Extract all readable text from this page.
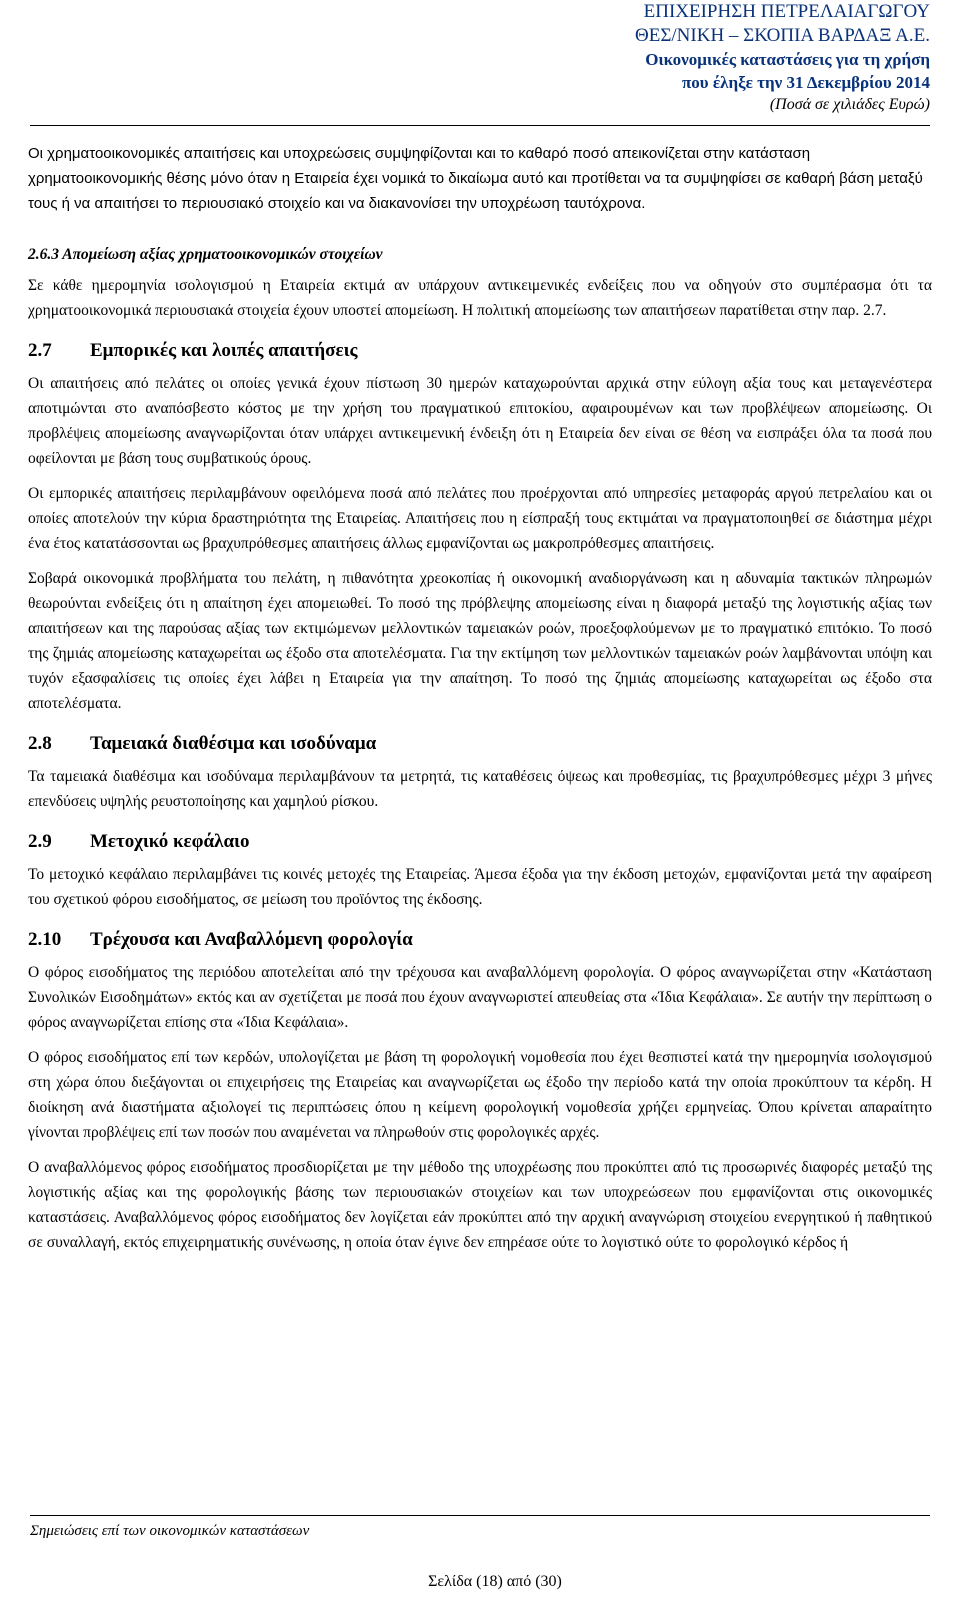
ΕΠΙΧΕΙΡΗΣΗ ΠΕΤΡΕΛΑΙΑΓΩΓΟΥ
ΘΕΣ/ΝΙΚΗ – ΣΚΟΠΙΑ ΒΑΡΔΑΞ Α.Ε.
Οικονομικές καταστάσεις για τη χρήση
που έληξε την 31 Δεκεμβρίου 2014
(Ποσά σε χιλιάδες Ευρώ)

Οι χρηματοοικονομικές απαιτήσεις και υποχρεώσεις συμψηφίζονται και το καθαρό ποσό απεικονίζεται στην κατάσταση χρηματοοικονομικής θέσης μόνο όταν η Εταιρεία έχει νομικά το δικαίωμα αυτό και προτίθεται να τα συμψηφίσει σε καθαρή βάση μεταξύ τους ή να απαιτήσει το περιουσιακό στοιχείο και να διακανονίσει την υποχρέωση ταυτόχρονα.

2.6.3 Απομείωση αξίας χρηματοοικονομικών στοιχείων

Σε κάθε ημερομηνία ισολογισμού η Εταιρεία εκτιμά αν υπάρχουν αντικειμενικές ενδείξεις που να οδηγούν στο συμπέρασμα ότι τα χρηματοοικονομικά περιουσιακά στοιχεία έχουν υποστεί απομείωση. Η πολιτική απομείωσης των απαιτήσεων παρατίθεται στην παρ. 2.7.

2.7	Εμπορικές και λοιπές απαιτήσεις

Οι απαιτήσεις από πελάτες οι οποίες γενικά έχουν πίστωση 30 ημερών καταχωρούνται αρχικά στην εύλογη αξία τους και μεταγενέστερα αποτιμώνται στο αναπόσβεστο κόστος με την χρήση του πραγματικού επιτοκίου, αφαιρουμένων και των προβλέψεων απομείωσης. Οι προβλέψεις απομείωσης αναγνωρίζονται όταν υπάρχει αντικειμενική ένδειξη ότι η Εταιρεία δεν είναι σε θέση να εισπράξει όλα τα ποσά που οφείλονται με βάση τους συμβατικούς όρους.

Οι εμπορικές απαιτήσεις περιλαμβάνουν οφειλόμενα ποσά από πελάτες που προέρχονται από υπηρεσίες μεταφοράς αργού πετρελαίου και οι οποίες αποτελούν την κύρια δραστηριότητα της Εταιρείας. Απαιτήσεις που η είσπραξή τους εκτιμάται να πραγματοποιηθεί σε διάστημα μέχρι ένα έτος κατατάσσονται ως βραχυπρόθεσμες απαιτήσεις άλλως εμφανίζονται ως μακροπρόθεσμες απαιτήσεις.

Σοβαρά οικονομικά προβλήματα του πελάτη, η πιθανότητα χρεοκοπίας ή οικονομική αναδιοργάνωση και η αδυναμία τακτικών πληρωμών θεωρούνται ενδείξεις ότι η απαίτηση έχει απομειωθεί. Το ποσό της πρόβλεψης απομείωσης είναι η διαφορά μεταξύ της λογιστικής αξίας των απαιτήσεων και της παρούσας αξίας των εκτιμώμενων μελλοντικών ταμειακών ροών, προεξοφλούμενων με το πραγματικό επιτόκιο. Το ποσό της ζημιάς απομείωσης καταχωρείται ως έξοδο στα αποτελέσματα. Για την εκτίμηση των μελλοντικών ταμειακών ροών λαμβάνονται υπόψη και τυχόν εξασφαλίσεις τις οποίες έχει λάβει η Εταιρεία για την απαίτηση. Το ποσό της ζημιάς απομείωσης καταχωρείται ως έξοδο στα αποτελέσματα.

2.8	Ταμειακά διαθέσιμα και ισοδύναμα

Τα ταμειακά διαθέσιμα και ισοδύναμα περιλαμβάνουν τα μετρητά, τις καταθέσεις όψεως και προθεσμίας, τις βραχυπρόθεσμες μέχρι 3 μήνες επενδύσεις υψηλής ρευστοποίησης και χαμηλού ρίσκου.

2.9	Μετοχικό κεφάλαιο

Το μετοχικό κεφάλαιο περιλαμβάνει τις κοινές μετοχές της Εταιρείας. Άμεσα έξοδα για την έκδοση μετοχών, εμφανίζονται μετά την αφαίρεση του σχετικού φόρου εισοδήματος, σε μείωση του προϊόντος της έκδοσης.

2.10	Τρέχουσα και Αναβαλλόμενη φορολογία

Ο φόρος εισοδήματος της περιόδου αποτελείται από την τρέχουσα και αναβαλλόμενη φορολογία. Ο φόρος αναγνωρίζεται στην «Κατάσταση Συνολικών Εισοδημάτων» εκτός και αν σχετίζεται με ποσά που έχουν αναγνωριστεί απευθείας στα «Ίδια Κεφάλαια». Σε αυτήν την περίπτωση ο φόρος αναγνωρίζεται επίσης στα «Ίδια Κεφάλαια».

Ο φόρος εισοδήματος επί των κερδών, υπολογίζεται με βάση τη φορολογική νομοθεσία που έχει θεσπιστεί κατά την ημερομηνία ισολογισμού στη χώρα όπου διεξάγονται οι επιχειρήσεις της Εταιρείας και αναγνωρίζεται ως έξοδο την περίοδο κατά την οποία προκύπτουν τα κέρδη. Η διοίκηση ανά διαστήματα αξιολογεί τις περιπτώσεις όπου η κείμενη φορολογική νομοθεσία χρήζει ερμηνείας. Όπου κρίνεται απαραίτητο γίνονται προβλέψεις επί των ποσών που αναμένεται να πληρωθούν στις φορολογικές αρχές.

Ο αναβαλλόμενος φόρος εισοδήματος προσδιορίζεται με την μέθοδο της υποχρέωσης που προκύπτει από τις προσωρινές διαφορές μεταξύ της λογιστικής αξίας και της φορολογικής βάσης των περιουσιακών στοιχείων και των υποχρεώσεων που εμφανίζονται στις οικονομικές καταστάσεις. Αναβαλλόμενος φόρος εισοδήματος δεν λογίζεται εάν προκύπτει από την αρχική αναγνώριση στοιχείου ενεργητικού ή παθητικού σε συναλλαγή, εκτός επιχειρηματικής συνένωσης, η οποία όταν έγινε δεν επηρέασε ούτε το λογιστικό ούτε το φορολογικό κέρδος ή

Σημειώσεις επί των οικονομικών καταστάσεων
Σελίδα (18) από (30)
